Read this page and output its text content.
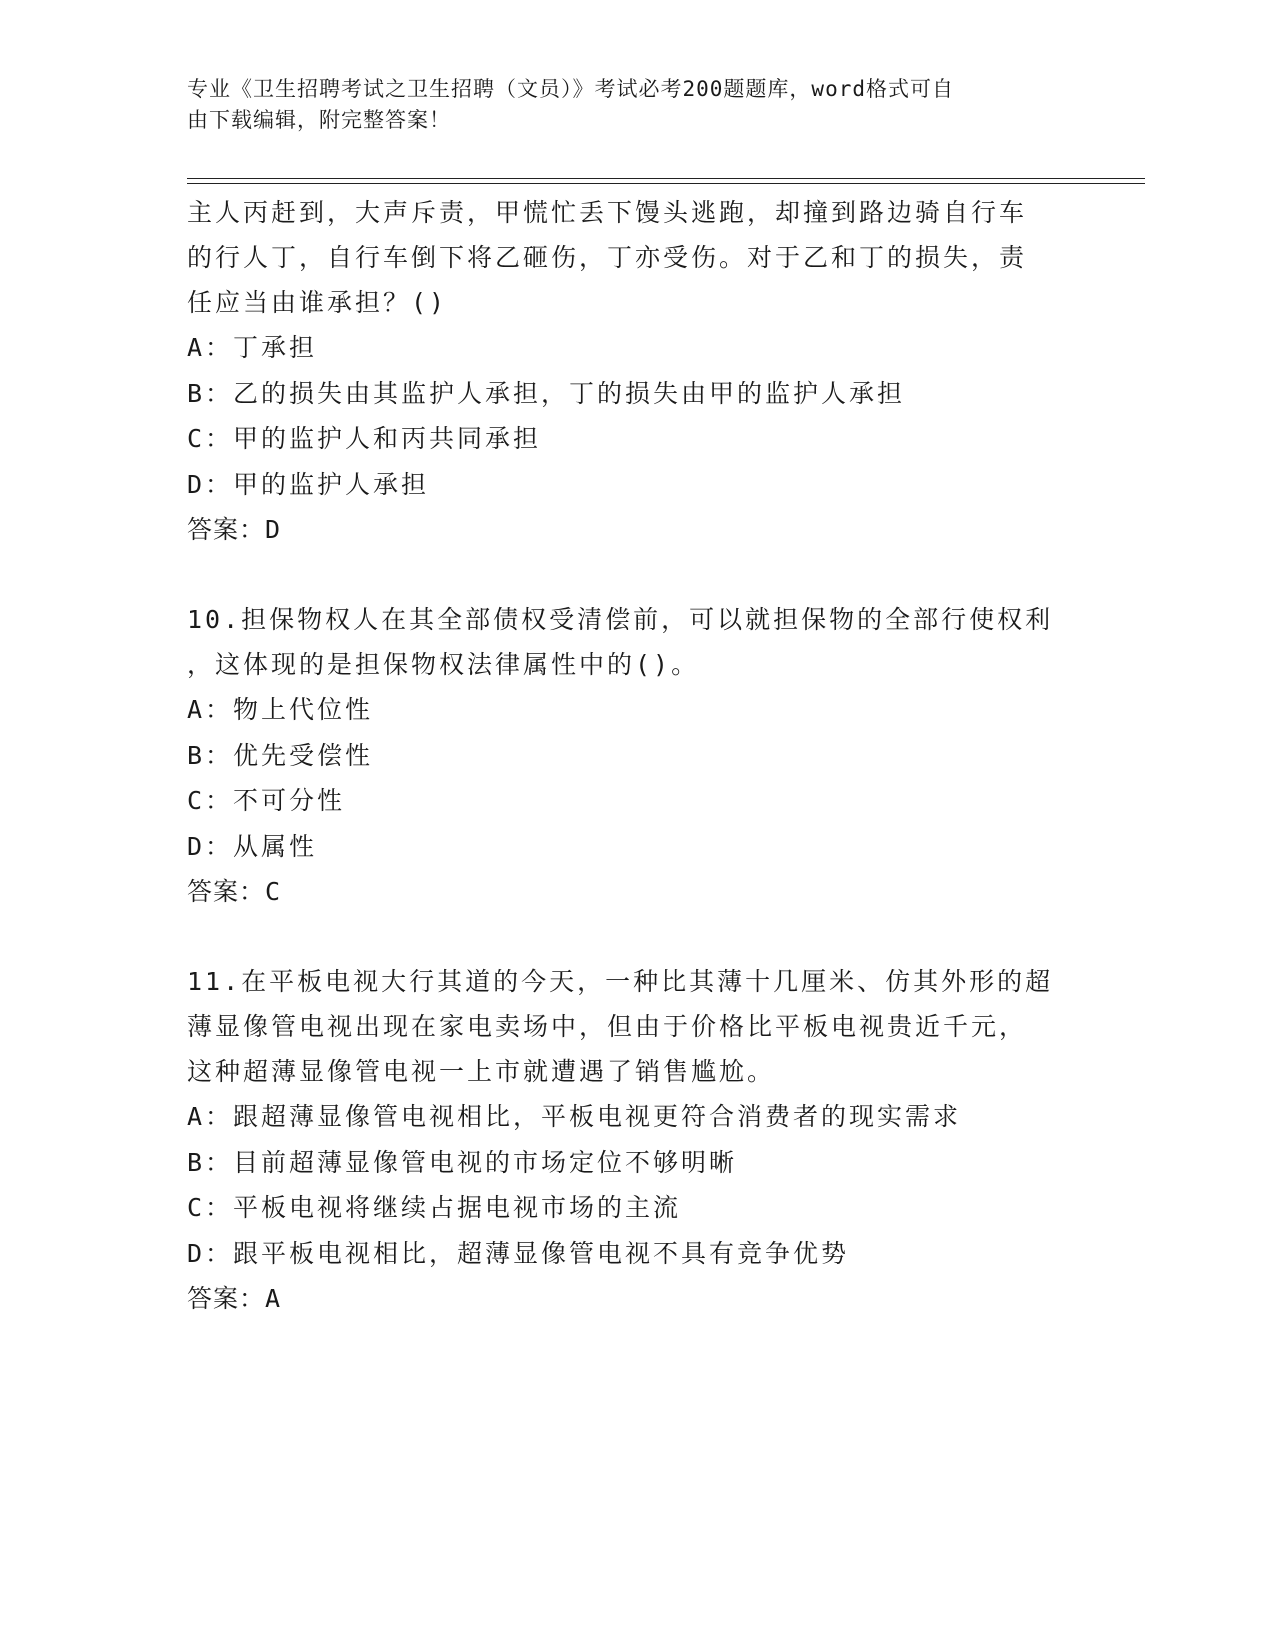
专业《卫生招聘考试之卫生招聘（文员）》考试必考200题题库，word格式可自
由下载编辑，附完整答案！

主人丙赶到，大声斥责，甲慌忙丢下馒头逃跑，却撞到路边骑自行车

的行人丁，自行车倒下将乙砸伤，丁亦受伤。对于乙和丁的损失，责

任应当由谁承担？()

A：丁承担

B：乙的损失由其监护人承担，丁的损失由甲的监护人承担

C：甲的监护人和丙共同承担

D：甲的监护人承担

答案：D

10.担保物权人在其全部债权受清偿前，可以就担保物的全部行使权利

，这体现的是担保物权法律属性中的()。

A：物上代位性

B：优先受偿性

C：不可分性

D：从属性

答案：C

11.在平板电视大行其道的今天，一种比其薄十几厘米、仿其外形的超

薄显像管电视出现在家电卖场中，但由于价格比平板电视贵近千元，

这种超薄显像管电视一上市就遭遇了销售尴尬。

A：跟超薄显像管电视相比，平板电视更符合消费者的现实需求

B：目前超薄显像管电视的市场定位不够明晰

C：平板电视将继续占据电视市场的主流

D：跟平板电视相比，超薄显像管电视不具有竞争优势

答案：A
